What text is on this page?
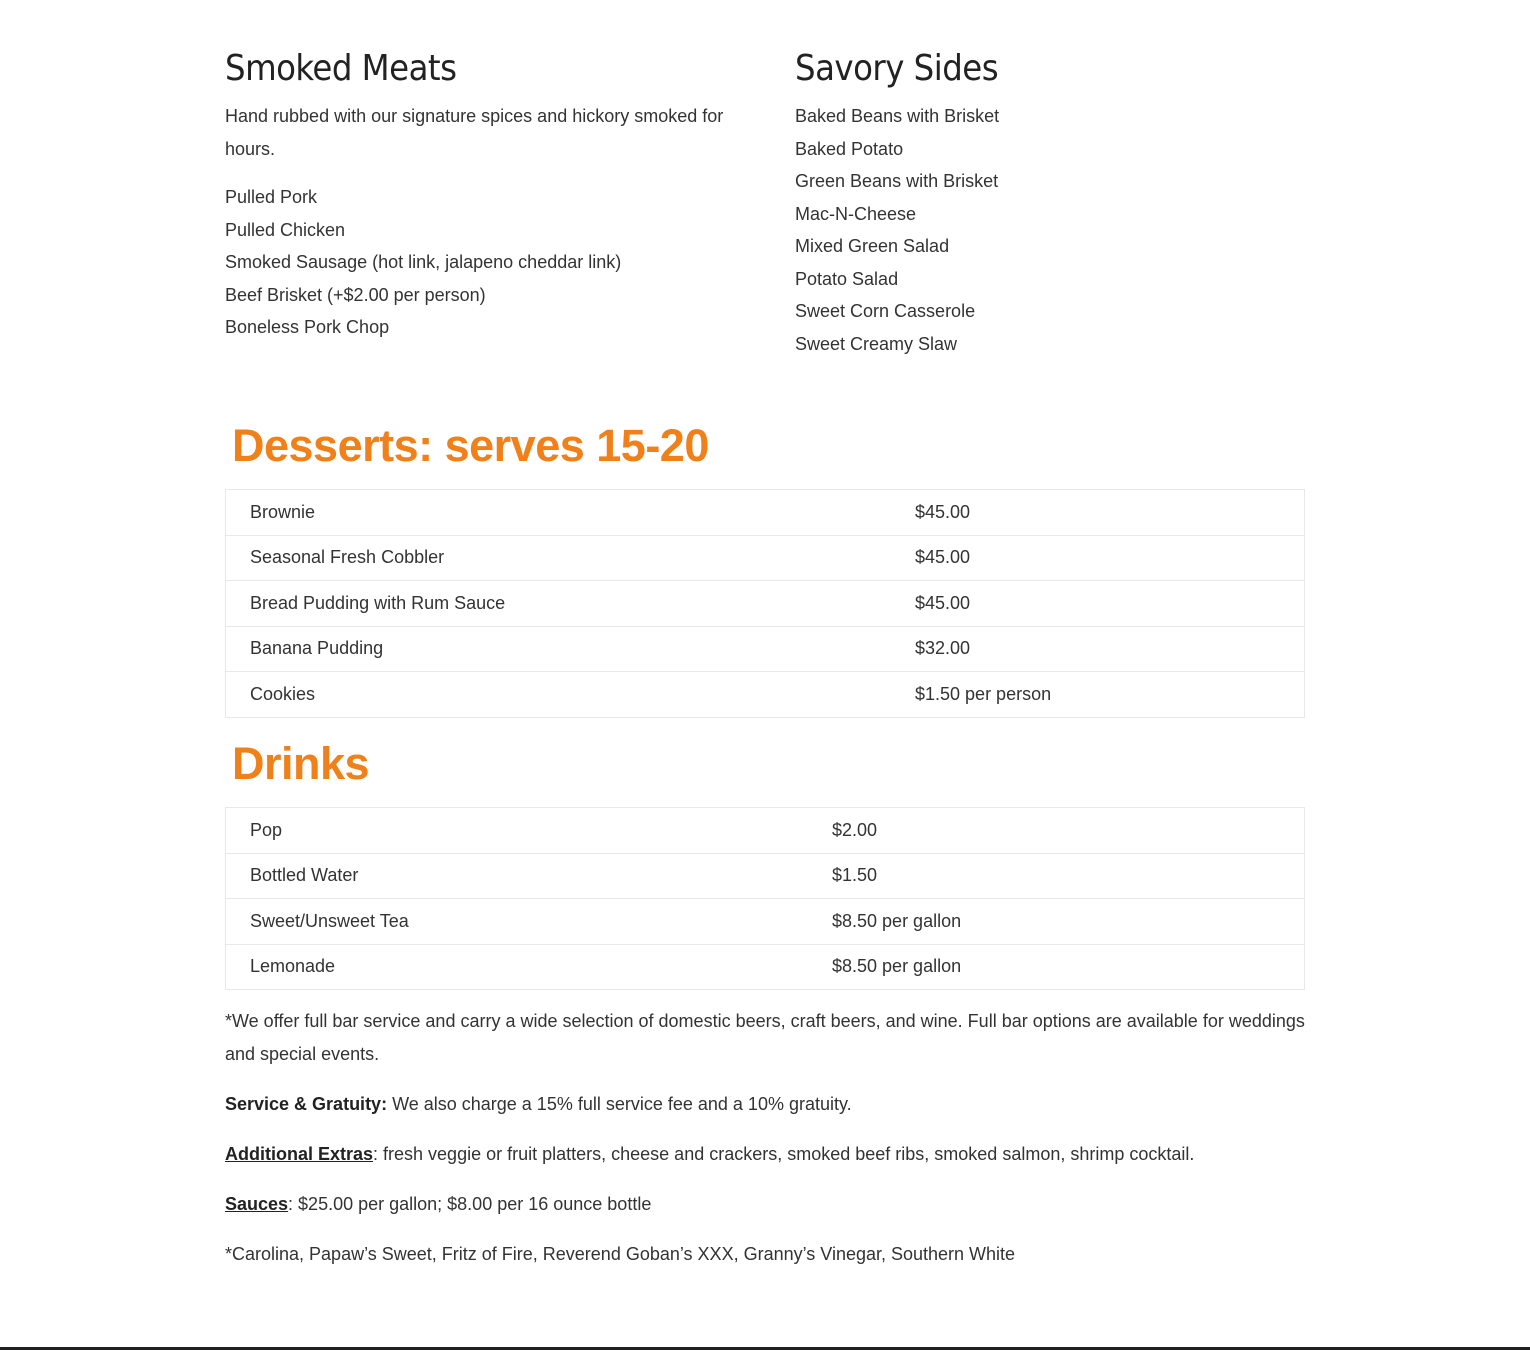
Smoked Meats

Hand rubbed with our signature spices and hickory smoked for hours.

Pulled Pork
Pulled Chicken
Smoked Sausage (hot link, jalapeno cheddar link)
Beef Brisket (+$2.00 per person)
Boneless Pork Chop
Savory Sides
Baked Beans with Brisket
Baked Potato
Green Beans with Brisket
Mac-N-Cheese
Mixed Green Salad
Potato Salad
Sweet Corn Casserole
Sweet Creamy Slaw
Desserts: serves 15-20
Brownie	$45.00
Seasonal Fresh Cobbler	$45.00
Bread Pudding with Rum Sauce	$45.00
Banana Pudding	$32.00
Cookies	$1.50 per person
Drinks
Pop	$2.00
Bottled Water	$1.50
Sweet/Unsweet Tea	$8.50 per gallon
Lemonade	$8.50 per gallon

*We offer full bar service and carry a wide selection of domestic beers, craft beers, and wine. Full bar options are available for weddings and special events.

Service & Gratuity: We also charge a 15% full service fee and a 10% gratuity.

Additional Extras: fresh veggie or fruit platters, cheese and crackers, smoked beef ribs, smoked salmon, shrimp cocktail.

Sauces: $25.00 per gallon; $8.00 per 16 ounce bottle

*Carolina, Papaw’s Sweet, Fritz of Fire, Reverend Goban’s XXX, Granny’s Vinegar, Southern White
